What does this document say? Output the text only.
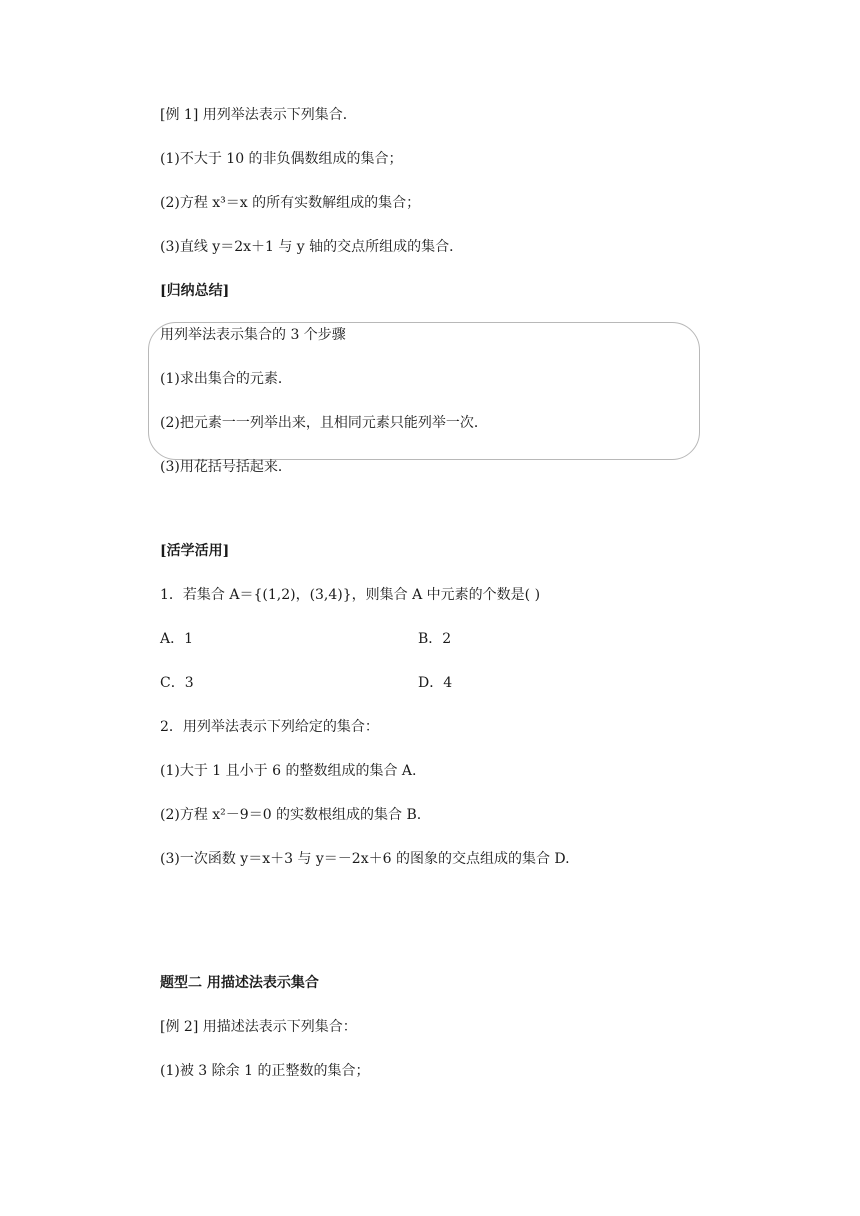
[例 1] 用列举法表示下列集合．
(1)不大于 10 的非负偶数组成的集合；
(2)方程 x³＝x 的所有实数解组成的集合；
(3)直线 y＝2x＋1 与 y 轴的交点所组成的集合．
[归纳总结]
用列举法表示集合的 3 个步骤
(1)求出集合的元素．
(2)把元素一一列举出来，且相同元素只能列举一次．
(3)用花括号括起来．
[活学活用]
1．若集合 A＝{(1,2)，(3,4)}，则集合 A 中元素的个数是( )
A．1	B．2
C．3	D．4
2．用列举法表示下列给定的集合：
(1)大于 1 且小于 6 的整数组成的集合 A.
(2)方程 x²－9＝0 的实数根组成的集合 B.
(3)一次函数 y＝x＋3 与 y＝－2x＋6 的图象的交点组成的集合 D.
题型二 用描述法表示集合
[例 2] 用描述法表示下列集合：
(1)被 3 除余 1 的正整数的集合；
